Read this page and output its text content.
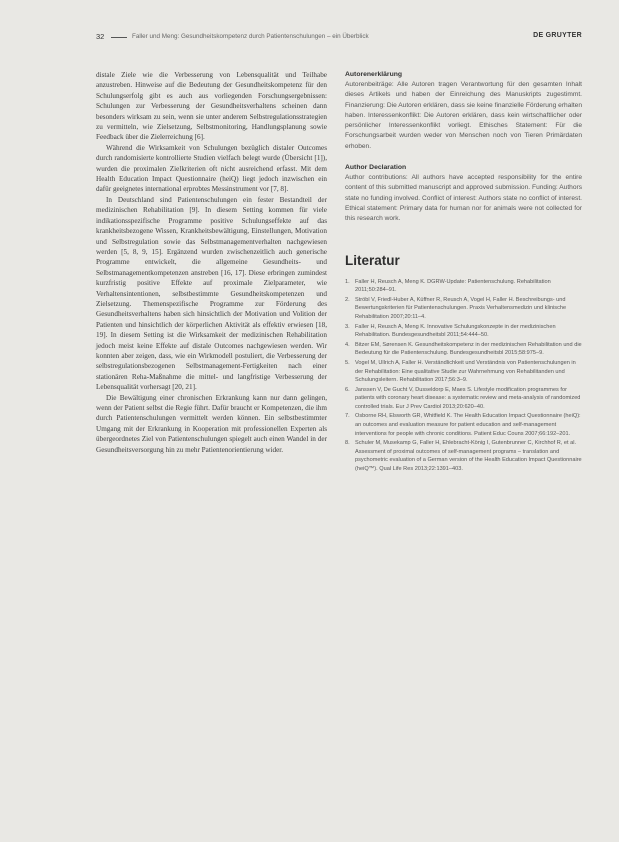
32	Faller und Meng: Gesundheitskompetenz durch Patientenschulungen – ein Überblick	DE GRUYTER

distale Ziele wie die Verbesserung von Lebensqualität und Teilhabe anzustreben. Hinweise auf die Bedeutung der Gesundheitskompetenz für den Schulungserfolg gibt es auch aus vorliegenden Forschungsergebnissen: Schulungen zur Verbesserung der Gesundheitsverhaltens scheinen dann besonders wirksam zu sein, wenn sie unter anderem Selbstregulationsstrategien zu vermitteln, wie Zielsetzung, Selbstmonitoring, Handlungsplanung sowie Feedback über die Zielerreichung [6].

Während die Wirksamkeit von Schulungen bezüglich distaler Outcomes durch randomisierte kontrollierte Studien vielfach belegt wurde (Übersicht [1]), wurden die proximalen Zielkriterien oft nicht ausreichend erfasst. Mit dem Health Education Impact Questionnaire (heiQ) liegt jedoch inzwischen ein dafür geeignetes international erprobtes Messinstrument vor [7, 8].

In Deutschland sind Patientenschulungen ein fester Bestandteil der medizinischen Rehabilitation [9]. In diesem Setting kommen für viele indikationsspezifische Programme positive Schulungseffekte auf das krankheitsbezogene Wissen, Krankheitsbewältigung, Einstellungen, Motivation und Selbstregulation sowie das Selbstmanagementverhalten nachgewiesen werden [5, 8, 9, 15]. Ergänzend wurden zwischenzeitlich auch generische Programme entwickelt, die allgemeine Gesundheits- und Selbstmanagementkompetenzen anstreben [16, 17]. Diese erbringen zumindest kurzfristig positive Effekte auf proximale Zielparameter, wie Verhaltensintentionen, selbstbestimmte Gesundheitskompetenzen und Zielsetzung. Themenspezifische Programme zur Förderung des Gesundheitsverhaltens haben sich hinsichtlich der Motivation und Volition der Patienten und hinsichtlich der körperlichen Aktivität als effektiv erwiesen [18, 19]. In diesem Setting ist die Wirksamkeit der medizinischen Rehabilitation jedoch meist keine Effekte auf distale Outcomes nachgewiesen werden. Wir konnten aber zeigen, dass, wie ein Wirkmodell postuliert, die Verbesserung der selbstregulationsbezogenen Selbstmanagement-Fertigkeiten nach einer stationären Reha-Maßnahme die mittel- und langfristige Verbesserung der Lebensqualität vorhersagt [20, 21].

Die Bewältigung einer chronischen Erkrankung kann nur dann gelingen, wenn der Patient selbst die Regie führt. Dafür braucht er Kompetenzen, die ihm durch Patientenschulungen vermittelt werden können. Ein selbstbestimmter Umgang mit der Erkrankung in Kooperation mit professionellen Experten als übergeordnetes Ziel von Patientenschulungen spiegelt auch einen Wandel in der Gesundheitsversorgung hin zu mehr Patientenorientierung wider.

Autorenerklärung

Autorenbeiträge: Alle Autoren tragen Verantwortung für den gesamten Inhalt dieses Artikels und haben der Einreichung des Manuskripts zugestimmt. Finanzierung: Die Autoren erklären, dass sie keine finanzielle Förderung erhalten haben. Interessenkonflikt: Die Autoren erklären, dass kein wirtschaftlicher oder persönlicher Interessenkonflikt vorliegt. Ethisches Statement: Für die Forschungsarbeit wurden weder von Menschen noch von Tieren Primärdaten erhoben.

Author Declaration

Author contributions: All authors have accepted responsibility for the entire content of this submitted manuscript and approved submission. Funding: Authors state no funding involved. Conflict of interest: Authors state no conflict of interest. Ethical statement: Primary data for human nor for animals were not collected for this research work.

Literatur
1. Faller H, Reusch A, Meng K. DGRW-Update: Patientenschulung. Rehabilitation 2011;50:284–91.
2. Ströbl V, Friedl-Huber A, Küffner R, Reusch A, Vogel H, Faller H. Beschreibungs- und Bewertungskriterien für Patientenschulungen. Praxis Verhaltensmedizin und klinische Rehabilitation 2007;20:11–4.
3. Faller H, Reusch A, Meng K. Innovative Schulungskonzepte in der medizinischen Rehabilitation. Bundesgesundheitsbl 2011;54:444–50.
4. Bitzer EM, Sørensen K. Gesundheitskompetenz in der medizinischen Rehabilitation und die Bedeutung für die Patientenschulung. Bundesgesundheitsbl 2015;58:975–9.
5. Vogel M, Ullrich A, Faller H. Verständlichkeit und Verständnis von Patientenschulungen in der Rehabilitation: Eine qualitative Studie zur Wahrnehmung von Rehabilitanden und Schulungsleitern. Rehabilitation 2017;56:3–9.
6. Janssen V, De Gucht V, Dusseldorp E, Maes S. Lifestyle modification programmes for patients with coronary heart disease: a systematic review and meta-analysis of randomized controlled trials. Eur J Prev Cardiol 2013;20:620–40.
7. Osborne RH, Elsworth GR, Whitfield K. The Health Education Impact Questionnaire (heiQ): an outcomes and evaluation measure for patient education and self-management interventions for people with chronic conditions. Patient Educ Couns 2007;66:192–201.
8. Schuler M, Musekamp G, Faller H, Ehlebracht-König I, Gutenbrunner C, Kirchhof R, et al. Assessment of proximal outcomes of self-management programs – translation and psychometric evaluation of a German version of the Health Education Impact Questionnaire (heiQ™). Qual Life Res 2013;22:1391–403.
